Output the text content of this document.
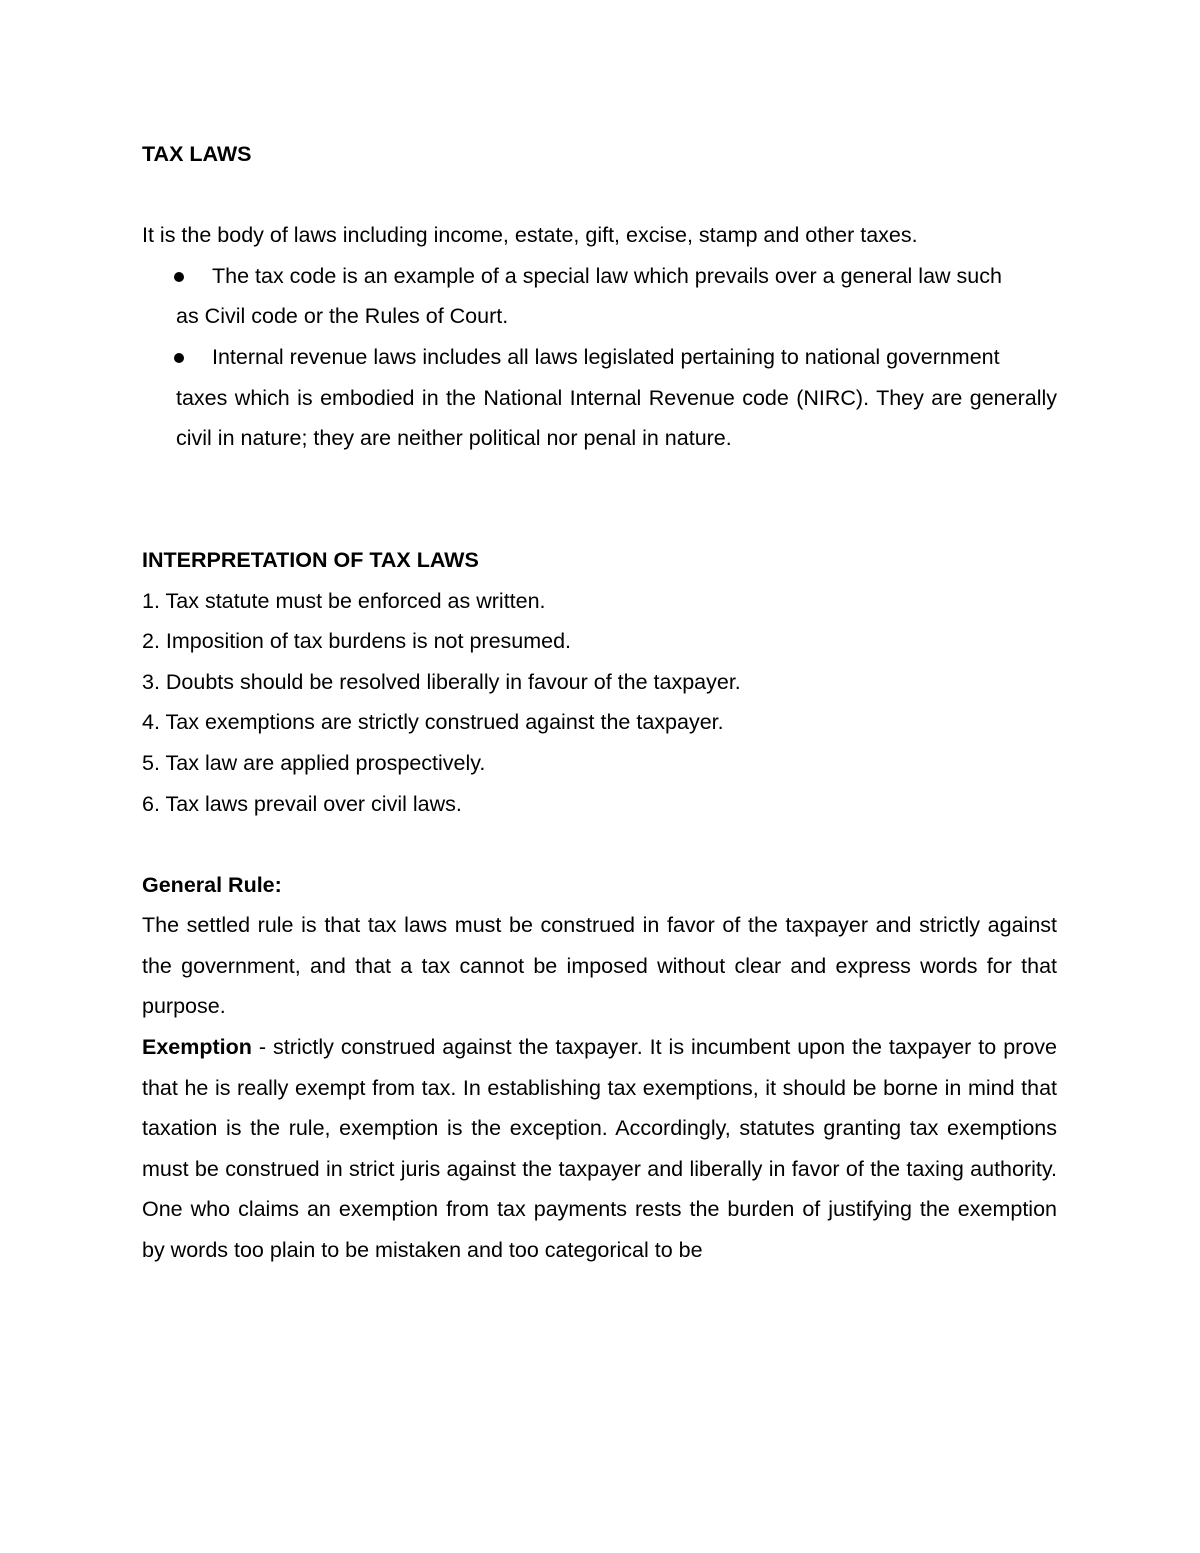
TAX LAWS

It is the body of laws including income, estate, gift, excise, stamp and other taxes.

The tax code is an example of a special law which prevails over a general law such

as Civil code or the Rules of Court.

Internal revenue laws includes all laws legislated pertaining to national government

taxes which is embodied in the National Internal Revenue code (NIRC). They are generally civil in nature; they are neither political nor penal in nature.

INTERPRETATION OF TAX LAWS

1. Tax statute must be enforced as written.

2. Imposition of tax burdens is not presumed.

3. Doubts should be resolved liberally in favour of the taxpayer.

4. Tax exemptions are strictly construed against the taxpayer.

5. Tax law are applied prospectively.

6. Tax laws prevail over civil laws.

General Rule:

The settled rule is that tax laws must be construed in favor of the taxpayer and strictly against the government, and that a tax cannot be imposed without clear and express words for that purpose.

Exemption - strictly construed against the taxpayer. It is incumbent upon the taxpayer to prove that he is really exempt from tax. In establishing tax exemptions, it should be borne in mind that taxation is the rule, exemption is the exception. Accordingly, statutes granting tax exemptions must be construed in strict juris against the taxpayer and liberally in favor of the taxing authority. One who claims an exemption from tax payments rests the burden of justifying the exemption by words too plain to be mistaken and too categorical to be
